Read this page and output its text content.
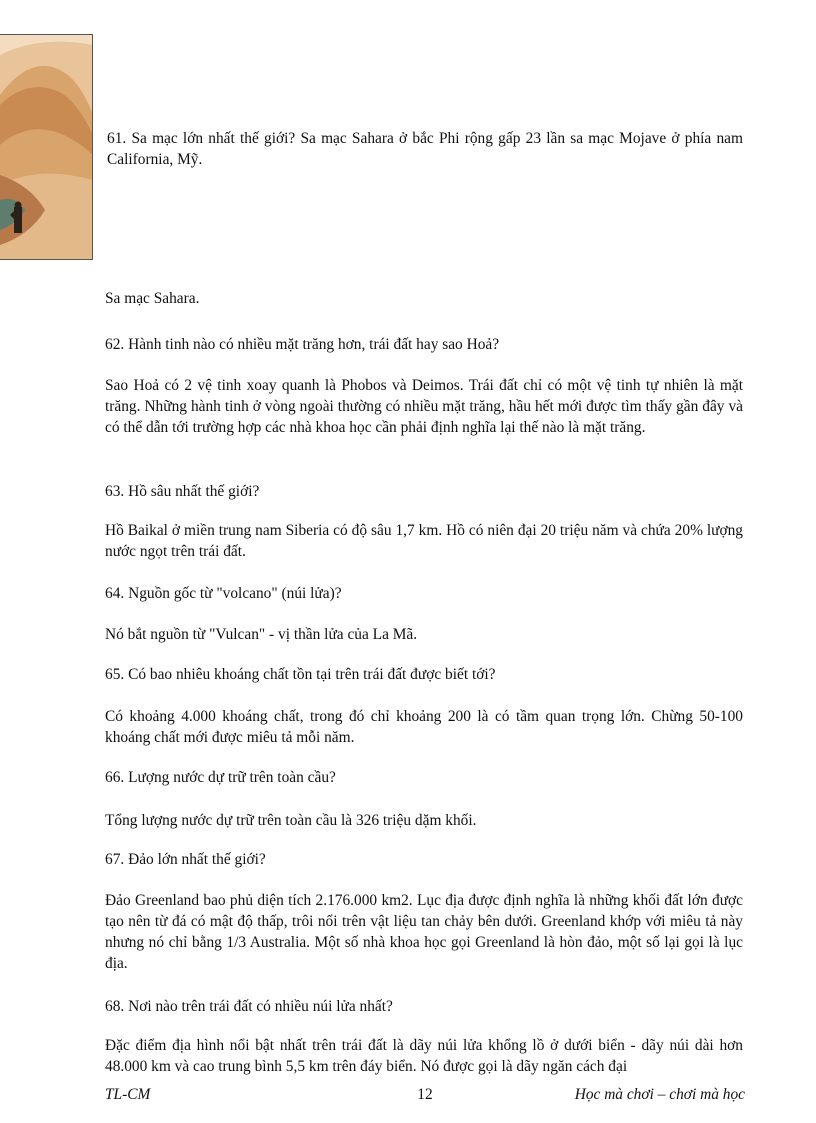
61. Sa mạc lớn nhất thế giới? Sa mạc Sahara ở bắc Phi rộng gấp 23 lần sa mạc Mojave ở phía nam California, Mỹ.

Sa mạc Sahara.

62. Hành tinh nào có nhiều mặt trăng hơn, trái đất hay sao Hoả?

Sao Hoả có 2 vệ tinh xoay quanh là Phobos và Deimos. Trái đất chỉ có một vệ tinh tự nhiên là mặt trăng. Những hành tinh ở vòng ngoài thường có nhiều mặt trăng, hầu hết mới được tìm thấy gần đây và có thể dẫn tới trường hợp các nhà khoa học cần phải định nghĩa lại thế nào là mặt trăng.

63. Hồ sâu nhất thế giới?

Hồ Baikal ở miền trung nam Siberia có độ sâu 1,7 km. Hồ có niên đại 20 triệu năm và chứa 20% lượng nước ngọt trên trái đất.

64. Nguồn gốc từ "volcano" (núi lửa)?

Nó bắt nguồn từ "Vulcan" - vị thần lửa của La Mã.

65. Có bao nhiêu khoáng chất tồn tại trên trái đất được biết tới?

Có khoảng 4.000 khoáng chất, trong đó chỉ khoảng 200 là có tầm quan trọng lớn. Chừng 50-100 khoáng chất mới được miêu tả mỗi năm.

66. Lượng nước dự trữ trên toàn cầu?

Tổng lượng nước dự trữ trên toàn cầu là 326 triệu dặm khối.

67. Đảo lớn nhất thế giới?

Đảo Greenland bao phủ diện tích 2.176.000 km2. Lục địa được định nghĩa là những khối đất lớn được tạo nên từ đá có mật độ thấp, trôi nổi trên vật liệu tan chảy bên dưới. Greenland khớp với miêu tả này nhưng nó chỉ bằng 1/3 Australia. Một số nhà khoa học gọi Greenland là hòn đảo, một số lại gọi là lục địa.

68. Nơi nào trên trái đất có nhiều núi lửa nhất?

Đặc điểm địa hình nổi bật nhất trên trái đất là dãy núi lửa khổng lồ ở dưới biển - dãy núi dài hơn 48.000 km và cao trung bình 5,5 km trên đáy biển. Nó được gọi là dãy ngăn cách đại

TL-CM	12	Học mà chơi – chơi mà học
